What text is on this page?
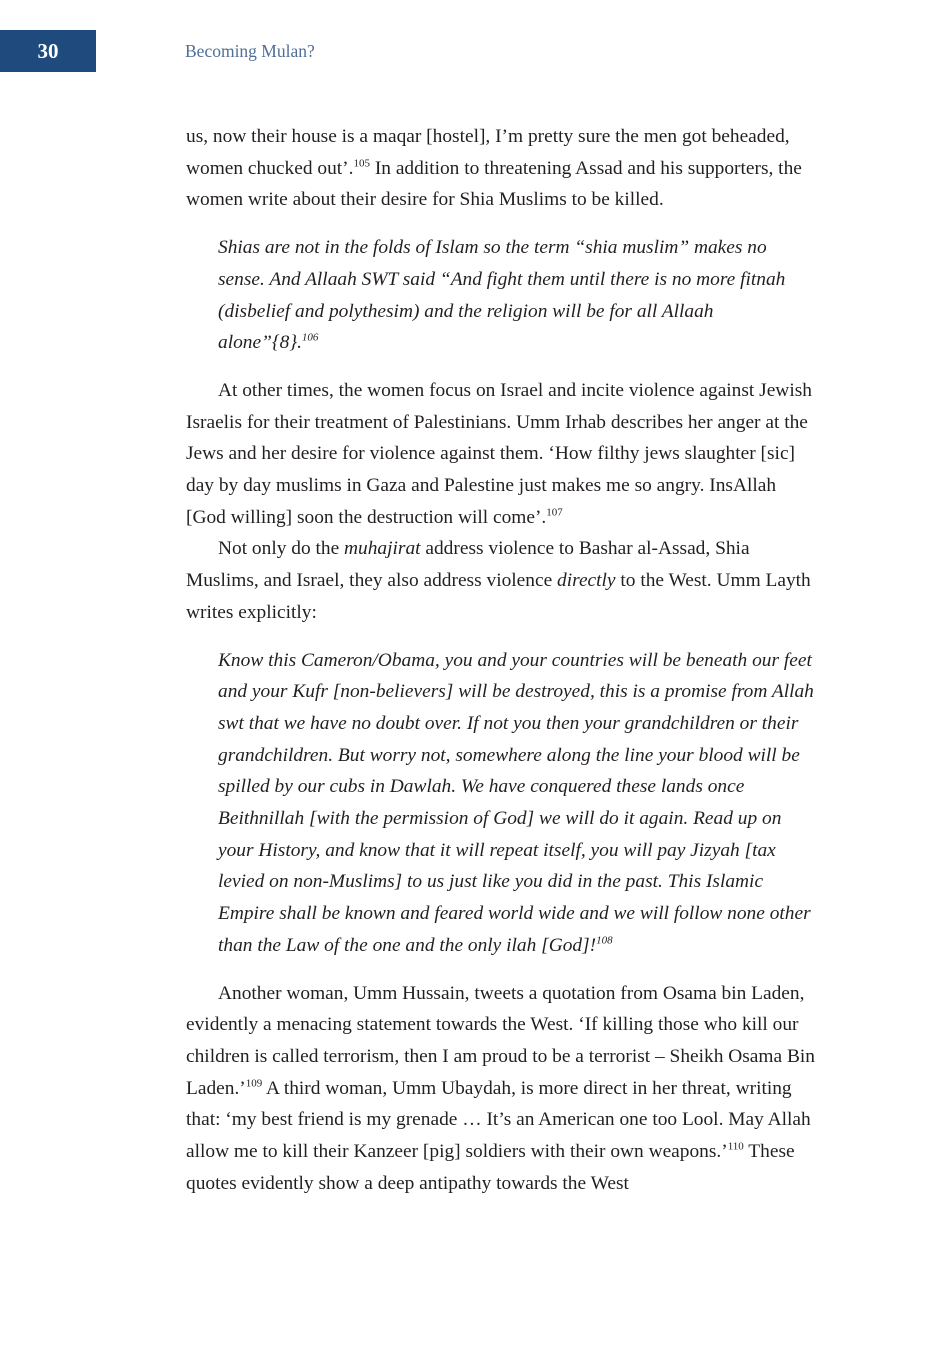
30	Becoming Mulan?

us, now their house is a maqar [hostel], I’m pretty sure the men got beheaded, women chucked out’.$^{105}$ In addition to threatening Assad and his supporters, the women write about their desire for Shia Muslims to be killed.

Shias are not in the folds of Islam so the term “shia muslim” makes no sense. And Allaah SWT said “And fight them until there is no more fitnah (disbelief and polythesim) and the religion will be for all Allaah alone”{8}.$^{106}$

At other times, the women focus on Israel and incite violence against Jewish Israelis for their treatment of Palestinians. Umm Irhab describes her anger at the Jews and her desire for violence against them. ‘How filthy jews slaughter [sic] day by day muslims in Gaza and Palestine just makes me so angry. InsAllah [God willing] soon the destruction will come’.$^{107}$

Not only do the muhajirat address violence to Bashar al-Assad, Shia Muslims, and Israel, they also address violence directly to the West. Umm Layth writes explicitly:

Know this Cameron/Obama, you and your countries will be beneath our feet and your Kufr [non-believers] will be destroyed, this is a promise from Allah swt that we have no doubt over. If not you then your grandchildren or their grandchildren. But worry not, somewhere along the line your blood will be spilled by our cubs in Dawlah. We have conquered these lands once Beithnillah [with the permission of God] we will do it again. Read up on your History, and know that it will repeat itself, you will pay Jizyah [tax levied on non-Muslims] to us just like you did in the past. This Islamic Empire shall be known and feared world wide and we will follow none other than the Law of the one and the only ilah [God]!$^{108}$

Another woman, Umm Hussain, tweets a quotation from Osama bin Laden, evidently a menacing statement towards the West. ‘If killing those who kill our children is called terrorism, then I am proud to be a terrorist – Sheikh Osama Bin Laden.’$^{109}$ A third woman, Umm Ubaydah, is more direct in her threat, writing that: ‘my best friend is my grenade … It’s an American one too Lool. May Allah allow me to kill their Kanzeer [pig] soldiers with their own weapons.’$^{110}$ These quotes evidently show a deep antipathy towards the West
